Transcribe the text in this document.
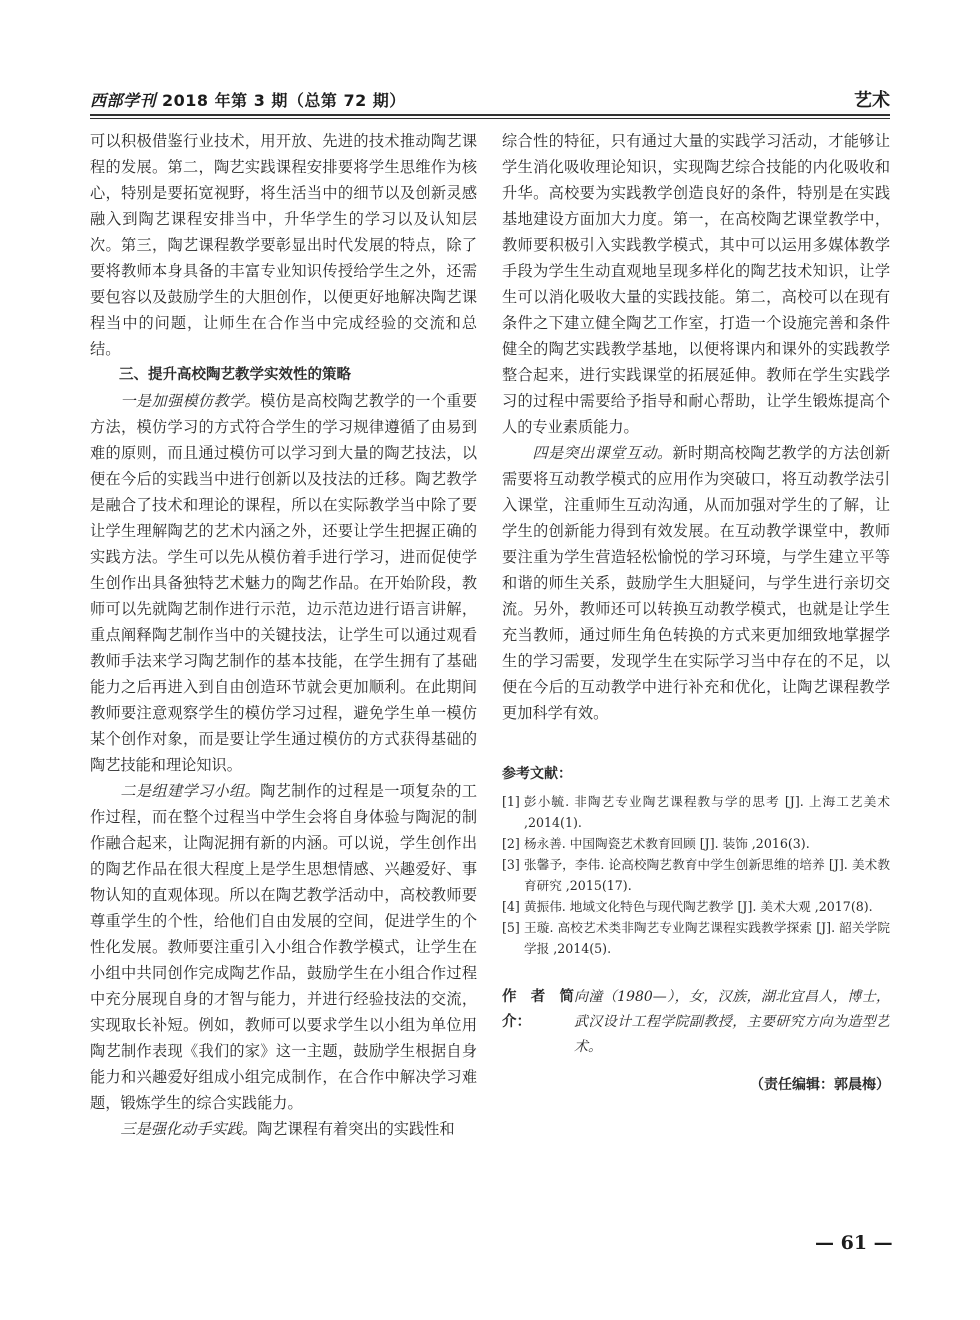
西部学刊 2018 年第 3 期（总第 72 期）	艺术

可以积极借鉴行业技术，用开放、先进的技术推动陶艺课程的发展。第二，陶艺实践课程安排要将学生思维作为核心，特别是要拓宽视野，将生活当中的细节以及创新灵感融入到陶艺课程安排当中，升华学生的学习以及认知层次。第三，陶艺课程教学要彰显出时代发展的特点，除了要将教师本身具备的丰富专业知识传授给学生之外，还需要包容以及鼓励学生的大胆创作，以便更好地解决陶艺课程当中的问题，让师生在合作当中完成经验的交流和总结。

三、提升高校陶艺教学实效性的策略

一是加强模仿教学。模仿是高校陶艺教学的一个重要方法，模仿学习的方式符合学生的学习规律遵循了由易到难的原则，而且通过模仿可以学习到大量的陶艺技法，以便在今后的实践当中进行创新以及技法的迁移。陶艺教学是融合了技术和理论的课程，所以在实际教学当中除了要让学生理解陶艺的艺术内涵之外，还要让学生把握正确的实践方法。学生可以先从模仿着手进行学习，进而促使学生创作出具备独特艺术魅力的陶艺作品。在开始阶段，教师可以先就陶艺制作进行示范，边示范边进行语言讲解，重点阐释陶艺制作当中的关键技法，让学生可以通过观看教师手法来学习陶艺制作的基本技能，在学生拥有了基础能力之后再进入到自由创造环节就会更加顺利。在此期间教师要注意观察学生的模仿学习过程，避免学生单一模仿某个创作对象，而是要让学生通过模仿的方式获得基础的陶艺技能和理论知识。

二是组建学习小组。陶艺制作的过程是一项复杂的工作过程，而在整个过程当中学生会将自身体验与陶泥的制作融合起来，让陶泥拥有新的内涵。可以说，学生创作出的陶艺作品在很大程度上是学生思想情感、兴趣爱好、事物认知的直观体现。所以在陶艺教学活动中，高校教师要尊重学生的个性，给他们自由发展的空间，促进学生的个性化发展。教师要注重引入小组合作教学模式，让学生在小组中共同创作完成陶艺作品，鼓励学生在小组合作过程中充分展现自身的才智与能力，并进行经验技法的交流，实现取长补短。例如，教师可以要求学生以小组为单位用陶艺制作表现《我们的家》这一主题，鼓励学生根据自身能力和兴趣爱好组成小组完成制作，在合作中解决学习难题，锻炼学生的综合实践能力。

三是强化动手实践。陶艺课程有着突出的实践性和

综合性的特征，只有通过大量的实践学习活动，才能够让学生消化吸收理论知识，实现陶艺综合技能的内化吸收和升华。高校要为实践教学创造良好的条件，特别是在实践基地建设方面加大力度。第一，在高校陶艺课堂教学中，教师要积极引入实践教学模式，其中可以运用多媒体教学手段为学生生动直观地呈现多样化的陶艺技术知识，让学生可以消化吸收大量的实践技能。第二，高校可以在现有条件之下建立健全陶艺工作室，打造一个设施完善和条件健全的陶艺实践教学基地，以便将课内和课外的实践教学整合起来，进行实践课堂的拓展延伸。教师在学生实践学习的过程中需要给予指导和耐心帮助，让学生锻炼提高个人的专业素质能力。

四是突出课堂互动。新时期高校陶艺教学的方法创新需要将互动教学模式的应用作为突破口，将互动教学法引入课堂，注重师生互动沟通，从而加强对学生的了解，让学生的创新能力得到有效发展。在互动教学课堂中，教师要注重为学生营造轻松愉悦的学习环境，与学生建立平等和谐的师生关系，鼓励学生大胆疑问，与学生进行亲切交流。另外，教师还可以转换互动教学模式，也就是让学生充当教师，通过师生角色转换的方式来更加细致地掌握学生的学习需要，发现学生在实际学习当中存在的不足，以便在今后的互动教学中进行补充和优化，让陶艺课程教学更加科学有效。

参考文献：
[1] 彭小毓. 非陶艺专业陶艺课程教与学的思考 [J]. 上海工艺美术 ,2014(1).
[2] 杨永善. 中国陶瓷艺术教育回顾 [J]. 装饰 ,2016(3).
[3] 张馨予，李伟. 论高校陶艺教育中学生创新思维的培养 [J]. 美术教育研究 ,2015(17).
[4] 黄振伟. 地域文化特色与现代陶艺教学 [J]. 美术大观 ,2017(8).
[5] 王璇. 高校艺术类非陶艺专业陶艺课程实践教学探索 [J]. 韶关学院学报 ,2014(5).
作者简介：
向潼（1980—），女，汉族，湖北宜昌人，博士，武汉设计工程学院副教授，主要研究方向为造型艺术。
（责任编辑：郭晨梅）
— 61 —
